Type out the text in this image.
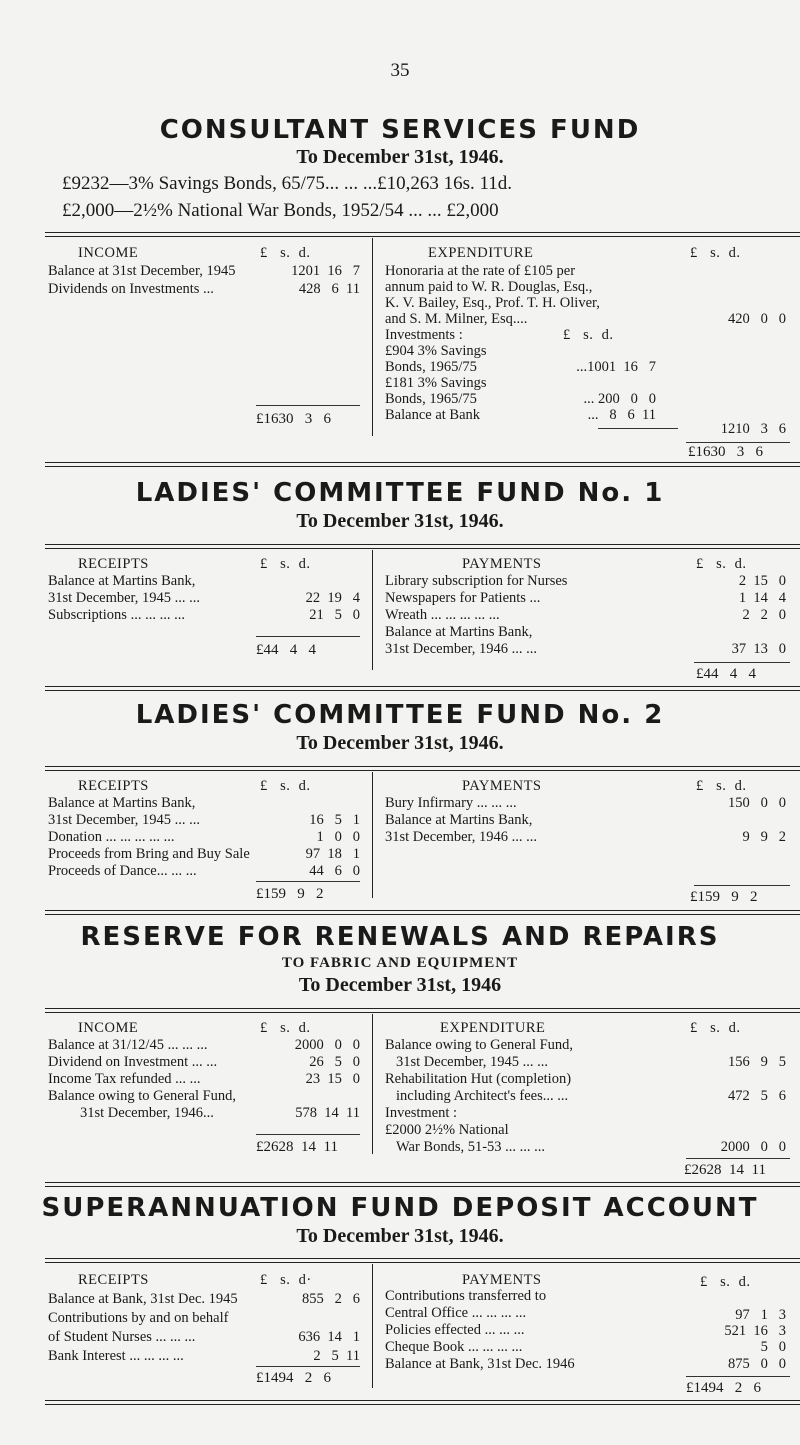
35
CONSULTANT SERVICES FUND
To December 31st, 1946.
£9232—3% Savings Bonds, 65/75... ... ...£10,263 16s. 11d.
£2,000—2½% National War Bonds, 1952/54 ... ... £2,000
INCOME	£   s.  d.
Balance at 31st December, 1945	1201  16   7
Dividends on Investments ...	428   6  11
£1630   3   6
EXPENDITURE	£   s.  d.
Honoraria at the rate of £105 per
annum paid to W. R. Douglas, Esq.,
K. V. Bailey, Esq., Prof. T. H. Oliver,
and S. M. Milner, Esq....	420   0   0
Investments :	£   s.  d.
£904 3% Savings
Bonds, 1965/75	...1001  16   7
£181 3% Savings
Bonds, 1965/75	... 200   0   0
Balance at Bank	...   8   6  11
1210   3   6
£1630   3   6
LADIES' COMMITTEE FUND No. 1
To December 31st, 1946.
RECEIPTS	£   s.  d.
Balance at Martins Bank,
31st December, 1945 ... ...	22  19   4
Subscriptions ... ... ... ...	21   5   0
£44   4   4
PAYMENTS	£   s.  d.
Library subscription for Nurses	2  15   0
Newspapers for Patients ...	1  14   4
Wreath ... ... ... ... ...	2   2   0
Balance at Martins Bank,
31st December, 1946 ... ...	37  13   0
£44   4   4
LADIES' COMMITTEE FUND No. 2
To December 31st, 1946.
RECEIPTS	£   s.  d.
Balance at Martins Bank,
31st December, 1945 ... ...	16   5   1
Donation ... ... ... ... ...	1   0   0
Proceeds from Bring and Buy Sale	97  18   1
Proceeds of Dance... ... ...	44   6   0
£159   9   2
PAYMENTS	£   s.  d.
Bury Infirmary ... ... ...	150   0   0
Balance at Martins Bank,
31st December, 1946 ... ...	9   9   2
£159   9   2
RESERVE FOR RENEWALS AND REPAIRS
TO FABRIC AND EQUIPMENT
To December 31st, 1946
INCOME	£   s.  d.
Balance at 31/12/45 ... ... ...	2000   0   0
Dividend on Investment ... ...	26   5   0
Income Tax refunded ... ...	23  15   0
Balance owing to General Fund,
31st December, 1946...	578  14  11
£2628  14  11
EXPENDITURE	£   s.  d.
Balance owing to General Fund,
31st December, 1945 ... ...	156   9   5
Rehabilitation Hut (completion)
including Architect's fees... ...	472   5   6
Investment :
£2000 2½% National
War Bonds, 51-53 ... ... ...	2000   0   0
£2628  14  11
SUPERANNUATION FUND DEPOSIT ACCOUNT
To December 31st, 1946.
RECEIPTS	£   s.  d·
Balance at Bank, 31st Dec. 1945	855   2   6
Contributions by and on behalf
of Student Nurses ... ... ...	636  14   1
Bank Interest ... ... ... ...	2   5  11
£1494   2   6
PAYMENTS	£   s.  d.
Contributions transferred to
Central Office ... ... ... ...	97   1   3
Policies effected ... ... ...	521  16   3
Cheque Book ... ... ... ...	5   0
Balance at Bank, 31st Dec. 1946	875   0   0
£1494   2   6
